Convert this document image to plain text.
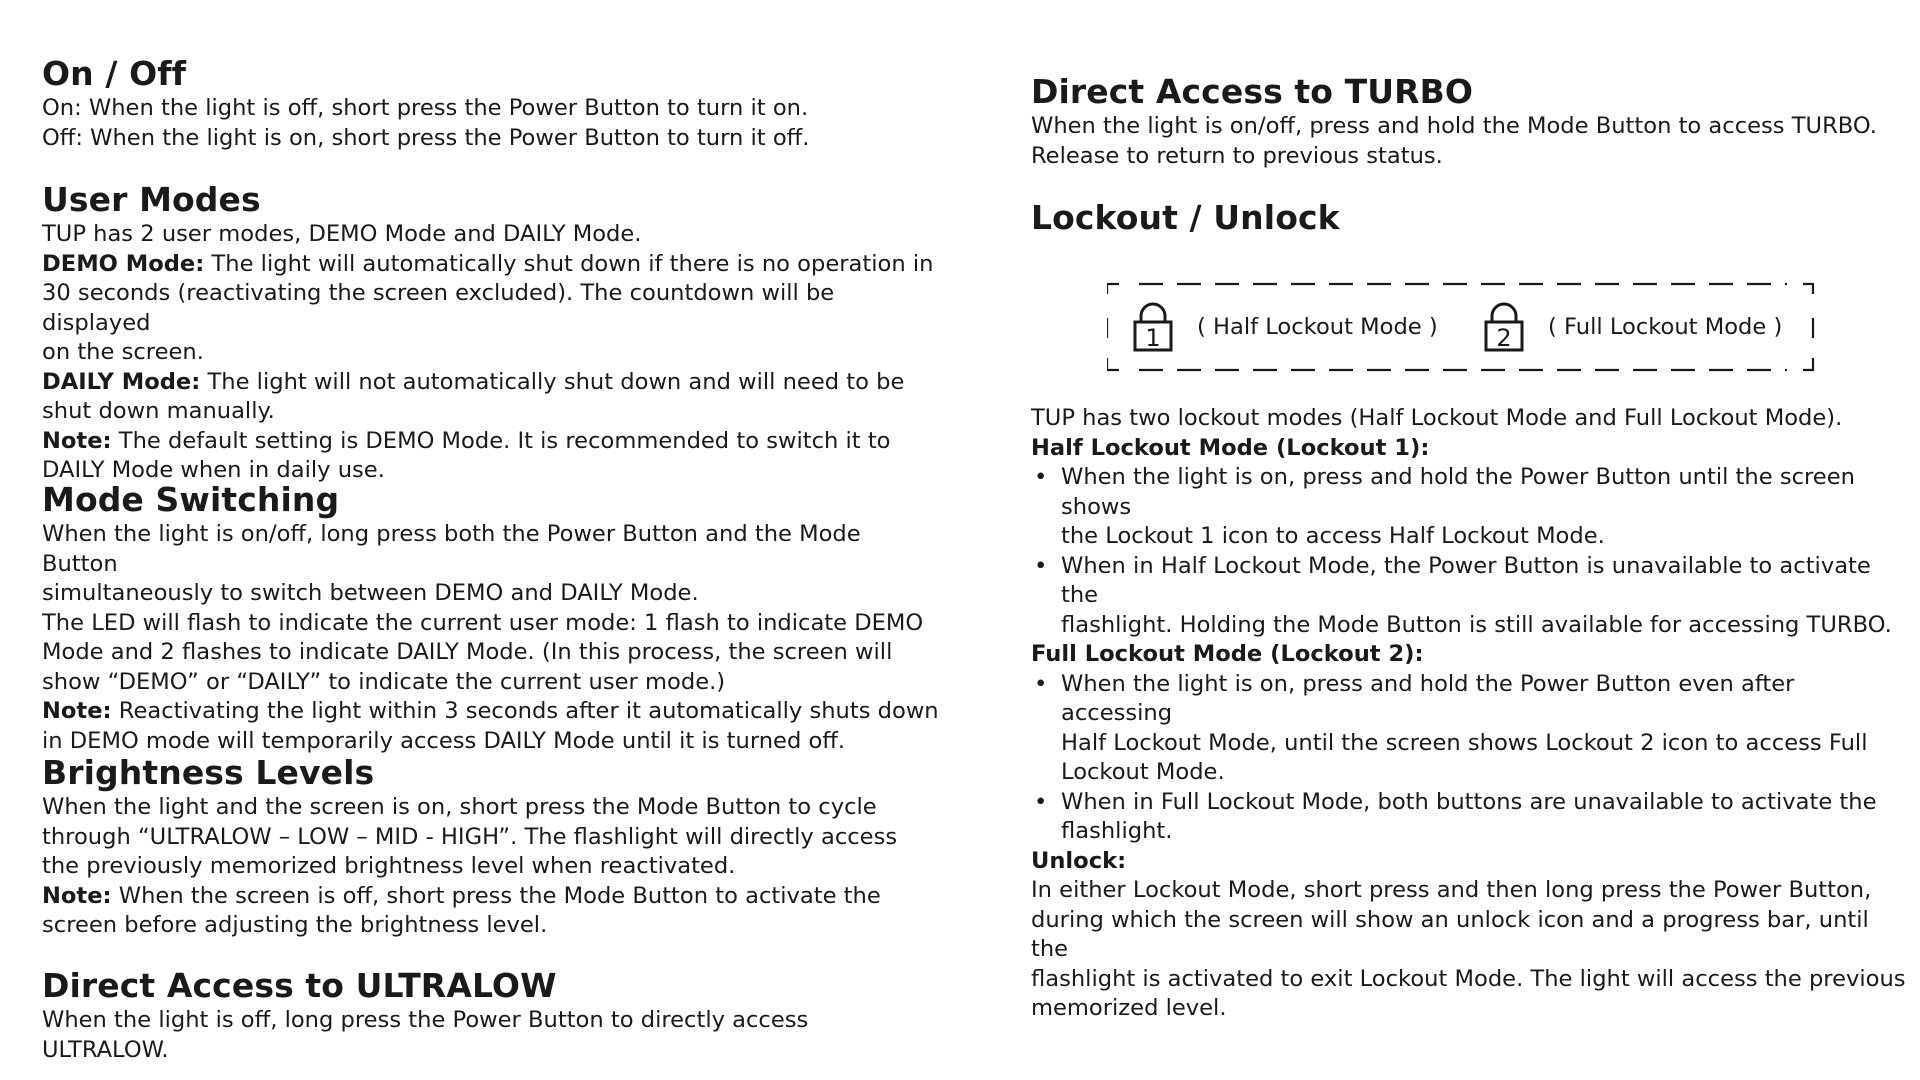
On / Off

On: When the light is off, short press the Power Button to turn it on.

Off: When the light is on, short press the Power Button to turn it off.

User Modes

TUP has 2 user modes, DEMO Mode and DAILY Mode.

DEMO Mode: The light will automatically shut down if there is no operation in

30 seconds (reactivating the screen excluded). The countdown will be displayed

on the screen.

DAILY Mode: The light will not automatically shut down and will need to be

shut down manually.

Note: The default setting is DEMO Mode. It is recommended to switch it to

DAILY Mode when in daily use.

Mode Switching

When the light is on/off, long press both the Power Button and the Mode Button

simultaneously to switch between DEMO and DAILY Mode.

The LED will flash to indicate the current user mode: 1 flash to indicate DEMO

Mode and 2 flashes to indicate DAILY Mode. (In this process, the screen will

show “DEMO” or “DAILY” to indicate the current user mode.)

Note: Reactivating the light within 3 seconds after it automatically shuts down

in DEMO mode will temporarily access DAILY Mode until it is turned off.

Brightness Levels

When the light and the screen is on, short press the Mode Button to cycle

through “ULTRALOW – LOW – MID - HIGH”. The flashlight will directly access

the previously memorized brightness level when reactivated.

Note: When the screen is off, short press the Mode Button to activate the

screen before adjusting the brightness level.

Direct Access to ULTRALOW

When the light is off, long press the Power Button to directly access ULTRALOW.

Direct Access to TURBO

When the light is on/off, press and hold the Mode Button to access TURBO.

Release to return to previous status.

Lockout / Unlock
1 ( Half Lockout Mode ) 2 ( Full Lockout Mode )

TUP has two lockout modes (Half Lockout Mode and Full Lockout Mode).

Half Lockout Mode (Lockout 1):

• When the light is on, press and hold the Power Button until the screen shows

the Lockout 1 icon to access Half Lockout Mode.

• When in Half Lockout Mode, the Power Button is unavailable to activate the

flashlight. Holding the Mode Button is still available for accessing TURBO.

Full Lockout Mode (Lockout 2):

• When the light is on, press and hold the Power Button even after accessing

Half Lockout Mode, until the screen shows Lockout 2 icon to access Full

Lockout Mode.

• When in Full Lockout Mode, both buttons are unavailable to activate the

flashlight.

Unlock:

In either Lockout Mode, short press and then long press the Power Button,

during which the screen will show an unlock icon and a progress bar, until the

flashlight is activated to exit Lockout Mode. The light will access the previous

memorized level.
